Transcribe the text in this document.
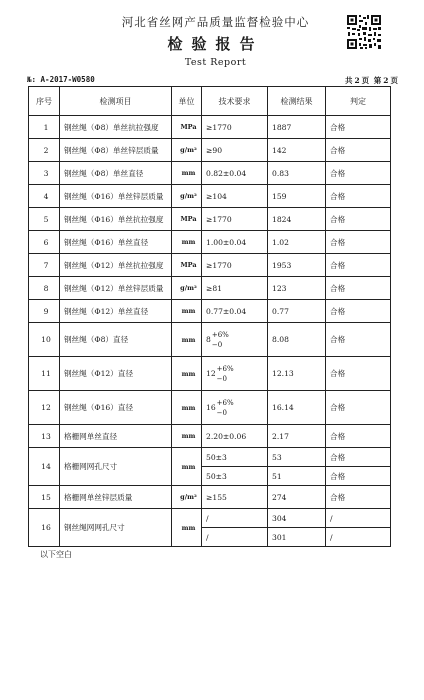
河北省丝网产品质量监督检验中心
检验报告
Test Report
№: A-2017-W0580	共 2 页 第 2 页
序号	检测项目	单位	技术要求	检测结果	判定
1	钢丝绳（Φ8）单丝抗拉强度	MPa	≥1770	1887	合格
2	钢丝绳（Φ8）单丝锌层质量	g/m²	≥90	142	合格
3	钢丝绳（Φ8）单丝直径	mm	0.82±0.04	0.83	合格
4	钢丝绳（Φ16）单丝锌层质量	g/m²	≥104	159	合格
5	钢丝绳（Φ16）单丝抗拉强度	MPa	≥1770	1824	合格
6	钢丝绳（Φ16）单丝直径	mm	1.00±0.04	1.02	合格
7	钢丝绳（Φ12）单丝抗拉强度	MPa	≥1770	1953	合格
8	钢丝绳（Φ12）单丝锌层质量	g/m²	≥81	123	合格
9	钢丝绳（Φ12）单丝直径	mm	0.77±0.04	0.77	合格
10	钢丝绳（Φ8）直径	mm	8
+6%
−0	8.08	合格
11	钢丝绳（Φ12）直径	mm	12
+6%
−0	12.13	合格
12	钢丝绳（Φ16）直径	mm	16
+6%
−0	16.14	合格
13	格栅网单丝直径	mm	2.20±0.06	2.17	合格
14	格栅网网孔尺寸	mm	50±3	53	合格
			50±3	51	合格
15	格栅网单丝锌层质量	g/m²	≥155	274	合格
16	钢丝绳网网孔尺寸	mm	/	304	/
			/	301	/
以下空白
